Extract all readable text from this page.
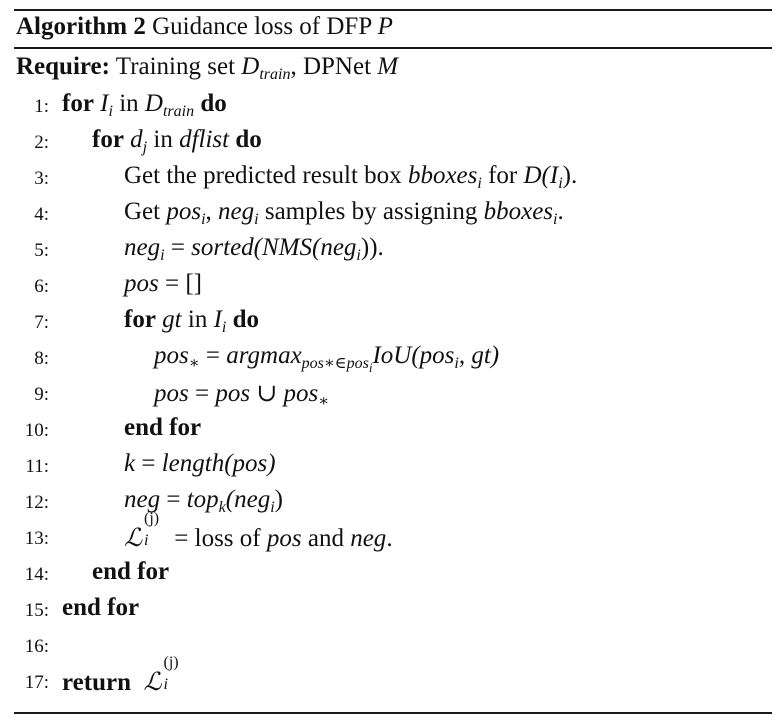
Algorithm 2 Guidance loss of DFP P
Require: Training set $D_{train}$, DPNet M
1: for $I_i$ in $D_{train}$ do
2: for $d_j$ in dflist do
3:	Get the predicted result box bboxes$_i$ for $D(I_i)$.
4:	Get pos$_i$, neg$_i$ samples by assigning bboxes$_i$.
5:	neg$_i$ = sorted(NMS(neg$_i$)).
6:	pos = []
7:	for gt in $I_i$ do
8:	pos$_∗$ = argmax$_{pos∗\in pos_i}$IoU(pos$_i$, gt)
9:	pos = pos ∪ pos$_∗$
10:	end for
11:	k = length(pos)
12:	neg = top$_k$(neg$_i$)
13:	ℒ
(j)
i = loss of pos and neg.
14: end for
15: end for
16:
17: return ℒ
(j)
i
